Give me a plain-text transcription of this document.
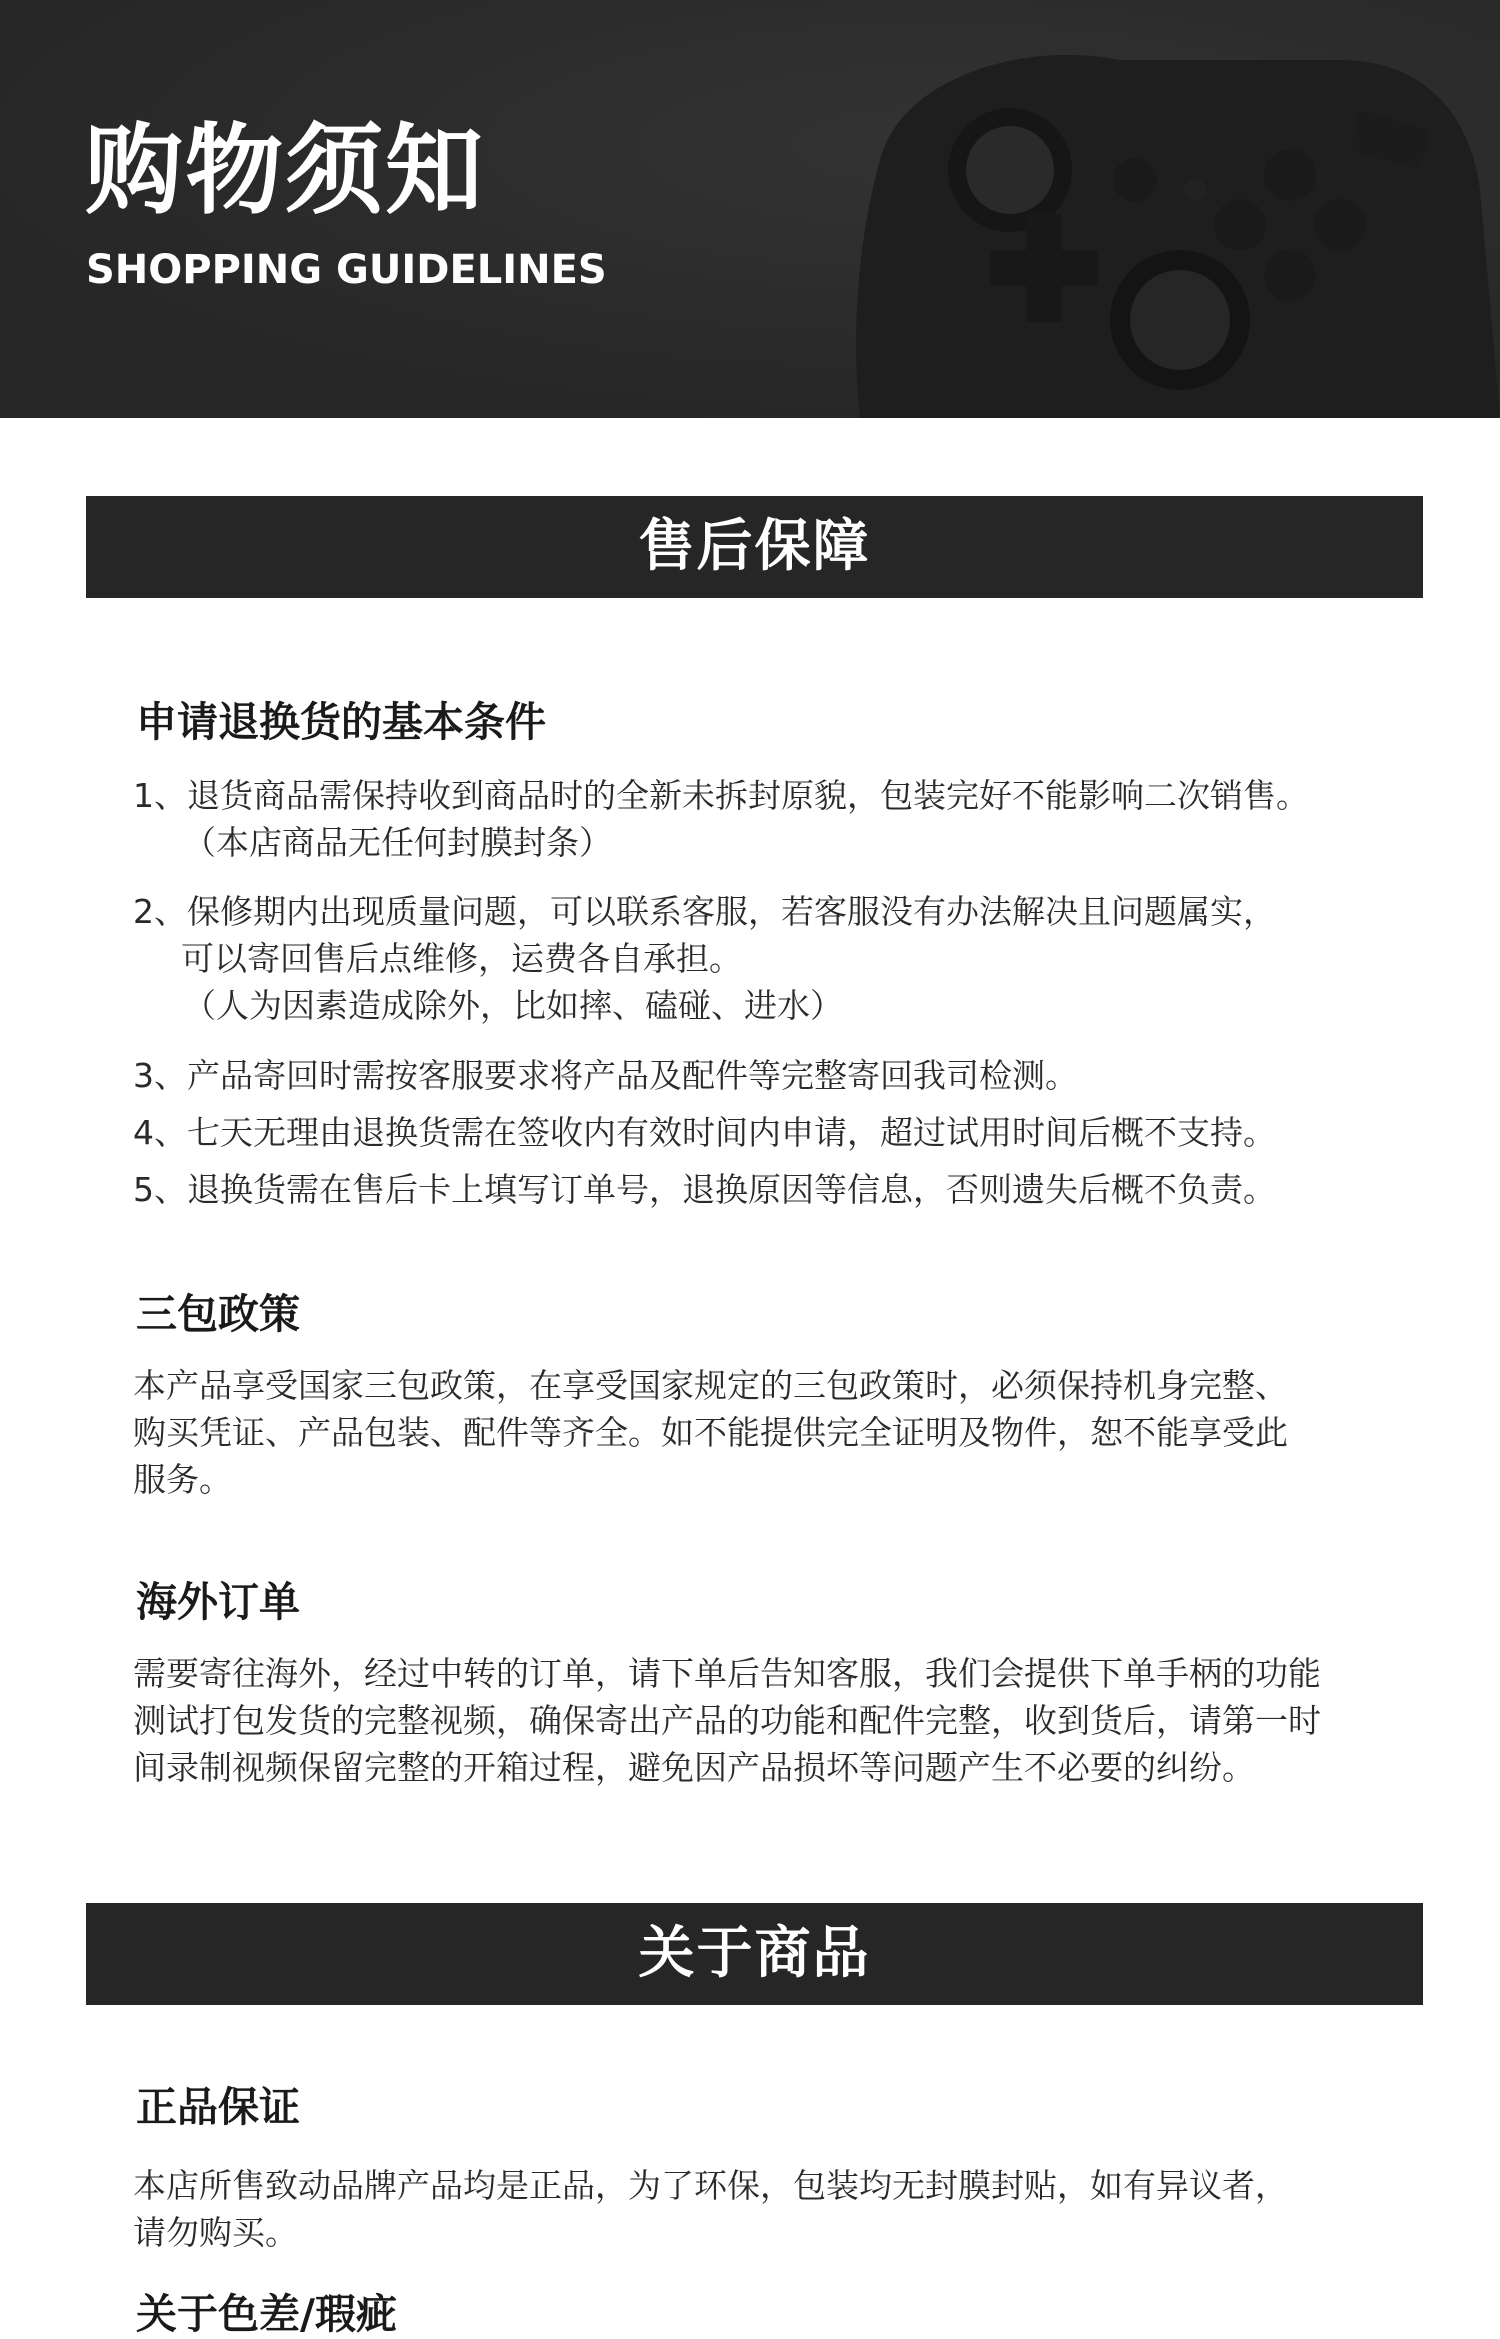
购物须知
SHOPPING GUIDELINES
售后保障
申请退换货的基本条件
1、退货商品需保持收到商品时的全新未拆封原貌，包装完好不能影响二次销售。
（本店商品无任何封膜封条）
2、保修期内出现质量问题，可以联系客服，若客服没有办法解决且问题属实，
可以寄回售后点维修，运费各自承担。
（人为因素造成除外，比如摔、磕碰、进水）
3、产品寄回时需按客服要求将产品及配件等完整寄回我司检测。
4、七天无理由退换货需在签收内有效时间内申请，超过试用时间后概不支持。
5、退换货需在售后卡上填写订单号，退换原因等信息，否则遗失后概不负责。
三包政策
本产品享受国家三包政策，在享受国家规定的三包政策时，必须保持机身完整、
购买凭证、产品包装、配件等齐全。如不能提供完全证明及物件，恕不能享受此
服务。
海外订单
需要寄往海外，经过中转的订单，请下单后告知客服，我们会提供下单手柄的功能
测试打包发货的完整视频，确保寄出产品的功能和配件完整，收到货后，请第一时
间录制视频保留完整的开箱过程，避免因产品损坏等问题产生不必要的纠纷。
关于商品
正品保证
本店所售致动品牌产品均是正品，为了环保，包装均无封膜封贴，如有异议者，
请勿购买。
关于色差/瑕疵
